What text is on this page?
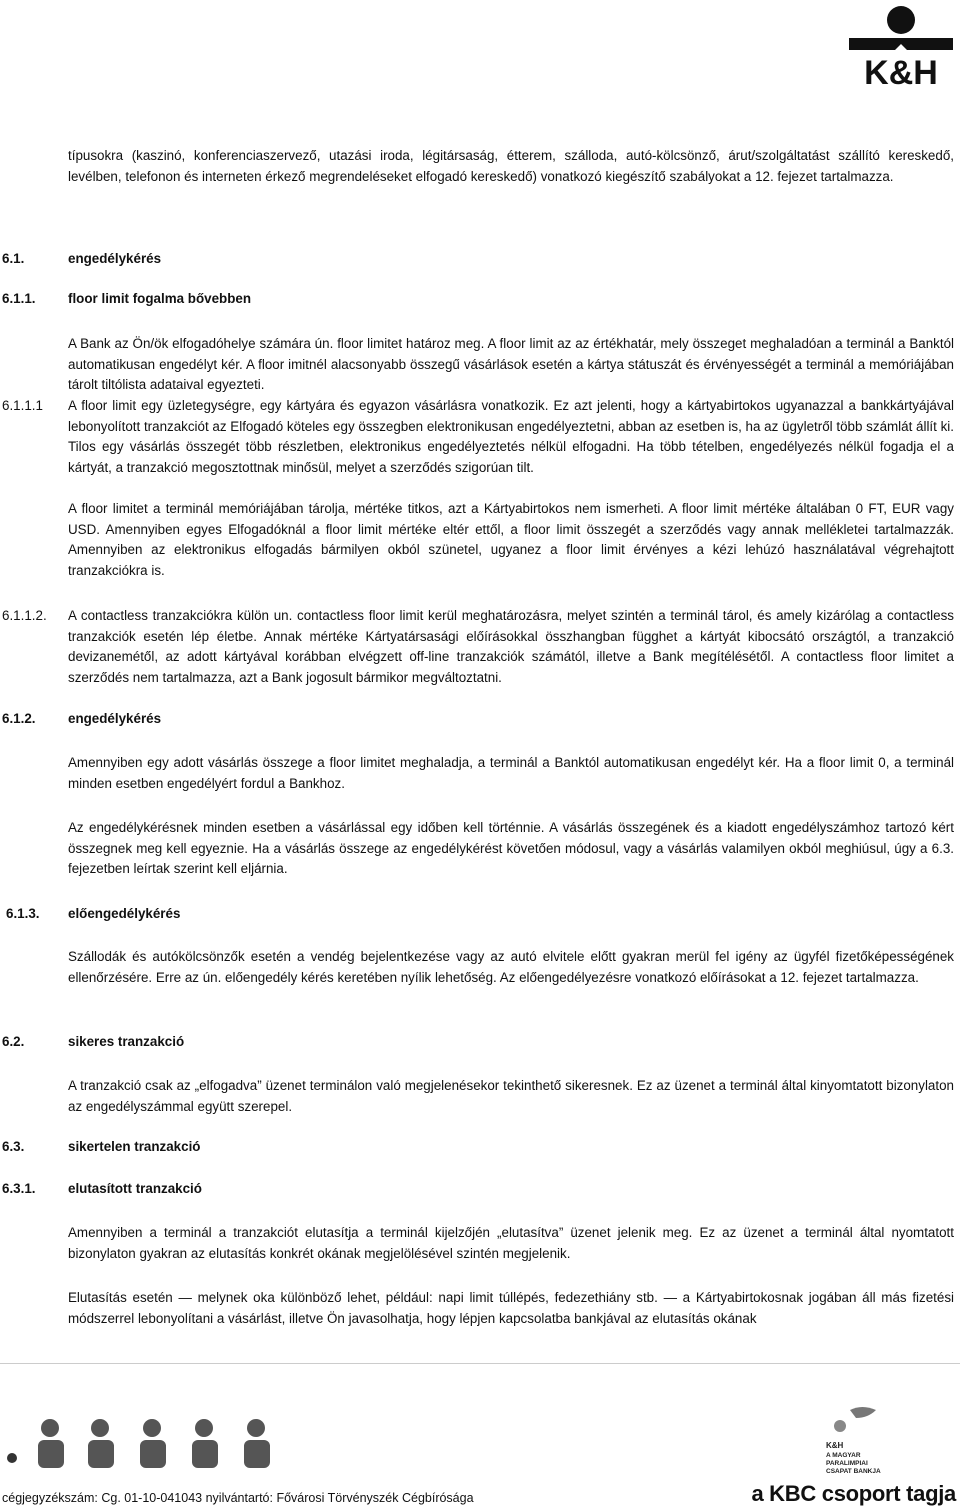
K&H
típusokra (kaszinó, konferenciaszervező, utazási iroda, légitársaság, étterem, szálloda, autó-kölcsönző, árut/szolgáltatást szállító kereskedő, levélben, telefonon és interneten érkező megrendeléseket elfogadó kereskedő) vonatkozó kiegészítő szabályokat a 12. fejezet tartalmazza.
6.1.	engedélykérés
6.1.1. floor limit fogalma bővebben
A Bank az Ön/ök elfogadóhelye számára ún. floor limitet határoz meg. A floor limit az az értékhatár, mely összeget meghaladóan a terminál a Banktól automatikusan engedélyt kér. A floor imitnél alacsonyabb összegű vásárlások esetén a kártya státuszát és érvényességét a terminál a memóriájában tárolt tiltólista adataival egyezteti.
6.1.1.1 A floor limit egy üzletegységre, egy kártyára és egyazon vásárlásra vonatkozik. Ez azt jelenti, hogy a kártyabirtokos ugyanazzal a bankkártyájával lebonyolított tranzakciót az Elfogadó köteles egy összegben elektronikusan engedélyeztetni, abban az esetben is, ha az ügyletről több számlát állít ki. Tilos egy vásárlás összegét több részletben, elektronikus engedélyeztetés nélkül elfogadni. Ha több tételben, engedélyezés nélkül fogadja el a kártyát, a tranzakció megosztottnak minősül, melyet a szerződés szigorúan tilt.
A floor limitet a terminál memóriájában tárolja, mértéke titkos, azt a Kártyabirtokos nem ismerheti. A floor limit mértéke általában 0 FT, EUR vagy USD. Amennyiben egyes Elfogadóknál a floor limit mértéke eltér ettől, a floor limit összegét a szerződés vagy annak mellékletei tartalmazzák. Amennyiben az elektronikus elfogadás bármilyen okból szünetel, ugyanez a floor limit érvényes a kézi lehúzó használatával végrehajtott tranzakciókra is.
6.1.1.2. A contactless tranzakciókra külön un. contactless floor limit kerül meghatározásra, melyet szintén a terminál tárol, és amely kizárólag a contactless tranzakciók esetén lép életbe. Annak mértéke Kártyatársasági előírásokkal összhangban függhet a kártyát kibocsátó országtól, a tranzakció devizanemétől, az adott kártyával korábban elvégzett off-line tranzakciók számától, illetve a Bank megítélésétől. A contactless floor limitet a szerződés nem tartalmazza, azt a Bank jogosult bármikor megváltoztatni.
6.1.2. engedélykérés
Amennyiben egy adott vásárlás összege a floor limitet meghaladja, a terminál a Banktól automatikusan engedélyt kér. Ha a floor limit 0, a terminál minden esetben engedélyért fordul a Bankhoz.
Az engedélykérésnek minden esetben a vásárlással egy időben kell történnie. A vásárlás összegének és a kiadott engedélyszámhoz tartozó kért összegnek meg kell egyeznie. Ha a vásárlás összege az engedélykérést követően módosul, vagy a vásárlás valamilyen okból meghiúsul, úgy a 6.3. fejezetben leírtak szerint kell eljárnia.
6.1.3. előengedélykérés
Szállodák és autókölcsönzők esetén a vendég bejelentkezése vagy az autó elvitele előtt gyakran merül fel igény az ügyfél fizetőképességének ellenőrzésére. Erre az ún. előengedély kérés keretében nyílik lehetőség. Az előengedélyezésre vonatkozó előírásokat a 12. fejezet tartalmazza.
6.2.	sikeres tranzakció
A tranzakció csak az „elfogadva” üzenet terminálon való megjelenésekor tekinthető sikeresnek. Ez az üzenet a terminál által kinyomtatott bizonylaton az engedélyszámmal együtt szerepel.
6.3.	sikertelen tranzakció
6.3.1. elutasított tranzakció
Amennyiben a terminál a tranzakciót elutasítja a terminál kijelzőjén „elutasítva” üzenet jelenik meg. Ez az üzenet a terminál által nyomtatott bizonylaton gyakran az elutasítás konkrét okának megjelölésével szintén megjelenik.
Elutasítás esetén — melynek oka különböző lehet, például: napi limit túllépés, fedezethiány stb. — a Kártyabirtokosnak jogában áll más fizetési módszerrel lebonyolítani a vásárlást, illetve Ön javasolhatja, hogy lépjen kapcsolatba bankjával az elutasítás okának
K&H
A MAGYAR
PARALIMPIAI
CSAPAT BANKJA
cégjegyzékszám: Cg. 01-10-041043 nyilvántartó: Fővárosi Törvényszék Cégbírósága	a KBC csoport tagja
